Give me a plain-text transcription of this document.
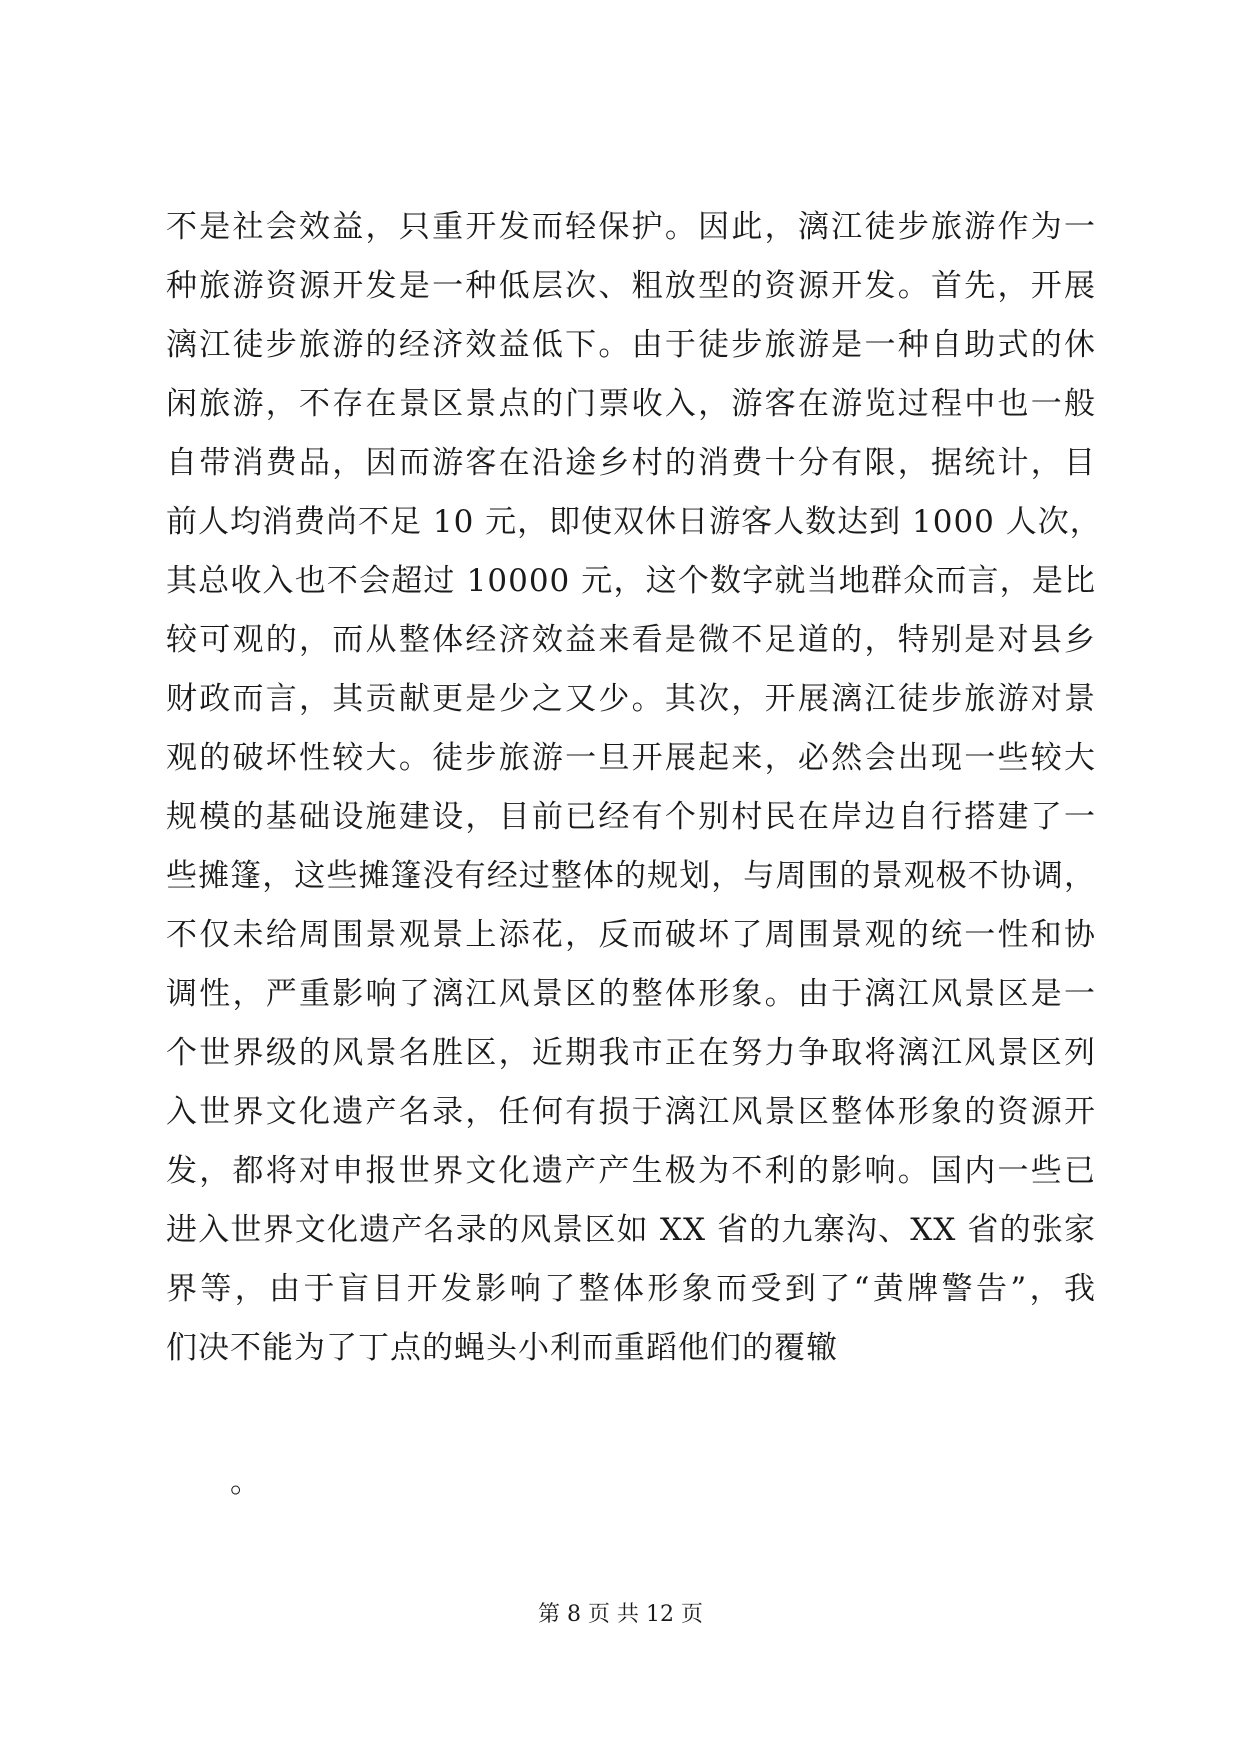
不是社会效益，只重开发而轻保护。因此，漓江徒步旅游作为一
种旅游资源开发是一种低层次、粗放型的资源开发。首先，开展
漓江徒步旅游的经济效益低下。由于徒步旅游是一种自助式的休
闲旅游，不存在景区景点的门票收入，游客在游览过程中也一般
自带消费品，因而游客在沿途乡村的消费十分有限，据统计，目
前人均消费尚不足 10 元，即使双休日游客人数达到 1000 人次，
其总收入也不会超过 10000 元，这个数字就当地群众而言，是比
较可观的，而从整体经济效益来看是微不足道的，特别是对县乡
财政而言，其贡献更是少之又少。其次，开展漓江徒步旅游对景
观的破坏性较大。徒步旅游一旦开展起来，必然会出现一些较大
规模的基础设施建设，目前已经有个别村民在岸边自行搭建了一
些摊篷，这些摊篷没有经过整体的规划，与周围的景观极不协调，
不仅未给周围景观景上添花，反而破坏了周围景观的统一性和协
调性，严重影响了漓江风景区的整体形象。由于漓江风景区是一
个世界级的风景名胜区，近期我市正在努力争取将漓江风景区列
入世界文化遗产名录，任何有损于漓江风景区整体形象的资源开
发，都将对申报世界文化遗产产生极为不利的影响。国内一些已
进入世界文化遗产名录的风景区如 XX 省的九寨沟、XX 省的张家
界等，由于盲目开发影响了整体形象而受到了“黄牌警告”，我
们决不能为了丁点的蝇头小利而重蹈他们的覆辙
。
第 8 页 共 12 页
